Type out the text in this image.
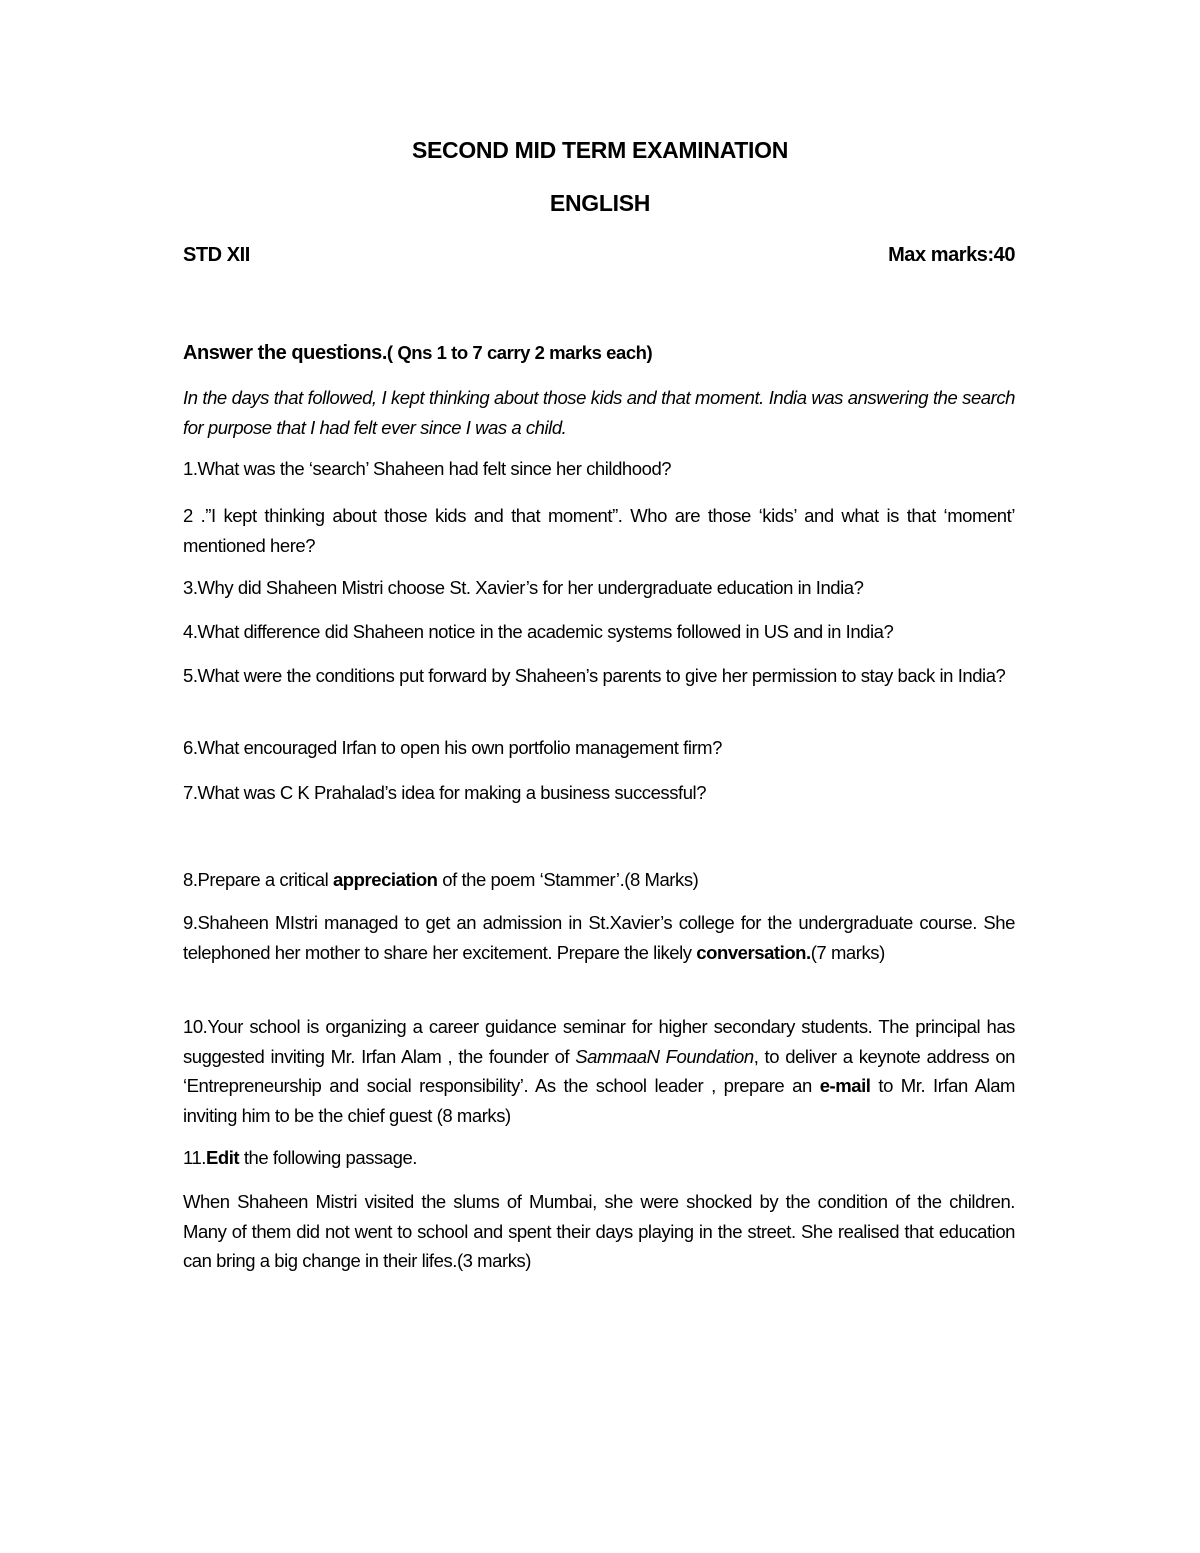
SECOND MID TERM EXAMINATION
ENGLISH
STD XII	Max marks:40
Answer the questions.( Qns 1 to 7 carry 2 marks each)
In the days that followed, I kept thinking about those kids and that moment. India was answering the search for purpose that I had felt ever since I was a child.
1.What was the ‘search’ Shaheen had felt since her childhood?
2 .”I kept thinking about those kids and that moment”. Who are those ‘kids’ and what is that ‘moment’ mentioned here?
3.Why did Shaheen Mistri choose St. Xavier’s for her undergraduate education in India?
4.What difference did Shaheen notice in the academic systems followed in US and in India?
5.What were the conditions put forward by Shaheen’s parents to give her permission to stay back in India?
6.What encouraged Irfan to open his own portfolio management firm?
7.What was C K Prahalad’s idea for making a business successful?
8.Prepare a critical appreciation of the poem ‘Stammer’.(8 Marks)
9.Shaheen MIstri managed to get an admission in St.Xavier’s college for the undergraduate course. She telephoned her mother to share her excitement. Prepare the likely conversation.(7 marks)
10.Your school is organizing a career guidance seminar for higher secondary students. The principal has suggested inviting Mr. Irfan Alam , the founder of SammaaN Foundation, to deliver a keynote address on ‘Entrepreneurship and social responsibility’. As the school leader , prepare an e-mail to Mr. Irfan Alam inviting him to be the chief guest (8 marks)
11.Edit the following passage.
When Shaheen Mistri visited the slums of Mumbai, she were shocked by the condition of the children. Many of them did not went to school and spent their days playing in the street. She realised that education can bring a big change in their lifes.(3 marks)
